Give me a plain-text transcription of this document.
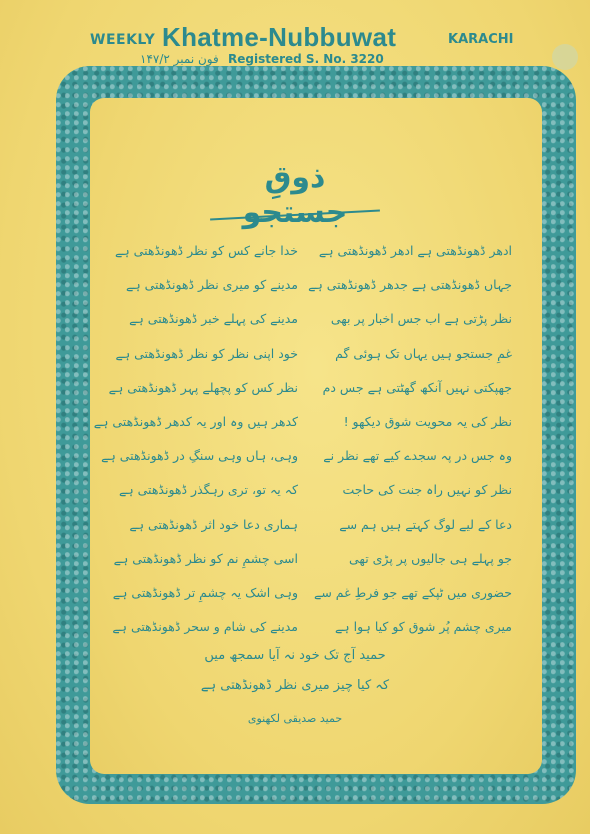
WEEKLY Khatme-Nubbuwat	KARACHI
فون نمبر ۱۴۷/۲ Registered S. No. 3220
ذوقِ جستجو
ادھر ڈھونڈھتی ہے ادھر ڈھونڈھتی ہے
جہاں ڈھونڈھتی ہے جدھر ڈھونڈھتی ہے
نظر پڑتی ہے اب جس اخبار پر بھی
غمِ جستجو ہیں یہاں تک ہوئی گم
جھپکتی نہیں آنکھ گھٹتی ہے جس دم
نظر کی یہ محویت شوق دیکھو !
وہ جس در پہ سجدے کیے تھے نظر نے
نظر کو نہیں راہ جنت کی حاجت
دعا کے لیے لوگ کہتے ہیں ہم سے
جو پہلے ہی جالیوں پر پڑی تھی
حضوری میں ٹپکے تھے جو فرطِ غم سے
میری چشم پُر شوق کو کیا ہوا ہے
خدا جانے کس کو نظر ڈھونڈھتی ہے
مدینے کو میری نظر ڈھونڈھتی ہے
مدینے کی پہلے خبر ڈھونڈھتی ہے
خود اپنی نظر کو نظر ڈھونڈھتی ہے
نظر کس کو پچھلے پہر ڈھونڈھتی ہے
کدھر ہیں وہ اور یہ کدھر ڈھونڈھتی ہے
وہی، ہاں وہی سنگِ در ڈھونڈھتی ہے
کہ یہ تو، تری رہگذر ڈھونڈھتی ہے
ہماری دعا خود اثر ڈھونڈھتی ہے
اسی چشمِ نم کو نظر ڈھونڈھتی ہے
وہی اشک یہ چشمِ تر ڈھونڈھتی ہے
مدینے کی شام و سحر ڈھونڈھتی ہے
حمید آج تک خود نہ آیا سمجھ میں
کہ کیا چیز میری نظر ڈھونڈھتی ہے
حمید صدیقی لکھنوی
